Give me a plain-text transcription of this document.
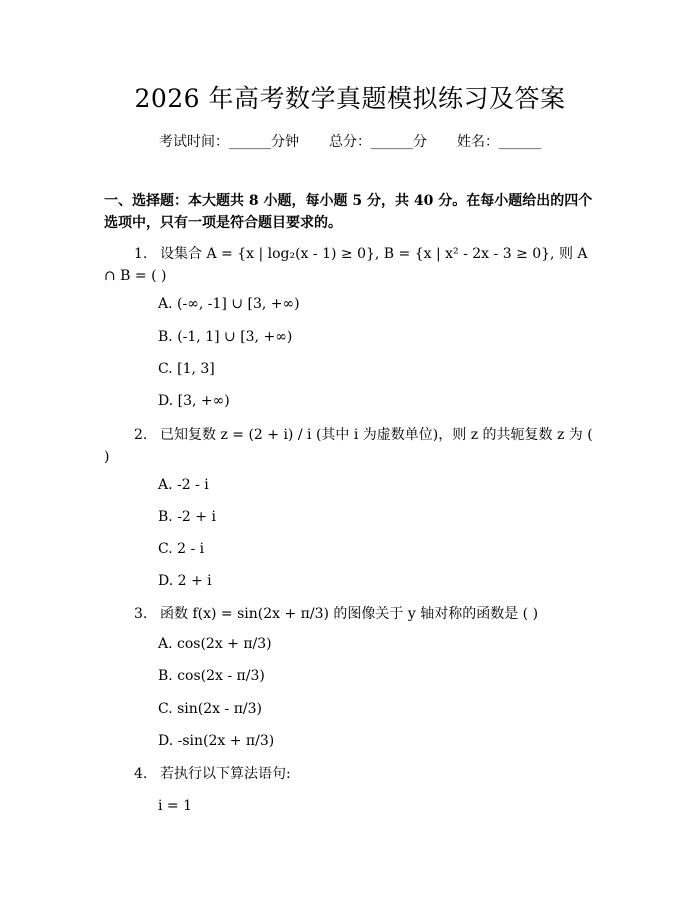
2026 年高考数学真题模拟练习及答案
考试时间：______分钟 总分：______分 姓名：______
一、选择题：本大题共 8 小题，每小题 5 分，共 40 分。在每小题给出的四个选项中，只有一项是符合题目要求的。
1. 设集合 A = {x | log₂(x - 1) ≥ 0}, B = {x | x² - 2x - 3 ≥ 0}, 则 A ∩ B = ( )
A. (-∞, -1] ∪ [3, +∞)
B. (-1, 1] ∪ [3, +∞)
C. [1, 3]
D. [3, +∞)
2. 已知复数 z = (2 + i) / i (其中 i 为虚数单位)，则 z 的共轭复数 z 为 ( )
A. -2 - i
B. -2 + i
C. 2 - i
D. 2 + i
3. 函数 f(x) = sin(2x + π/3) 的图像关于 y 轴对称的函数是 ( )
A. cos(2x + π/3)
B. cos(2x - π/3)
C. sin(2x - π/3)
D. -sin(2x + π/3)
4. 若执行以下算法语句:
i = 1
